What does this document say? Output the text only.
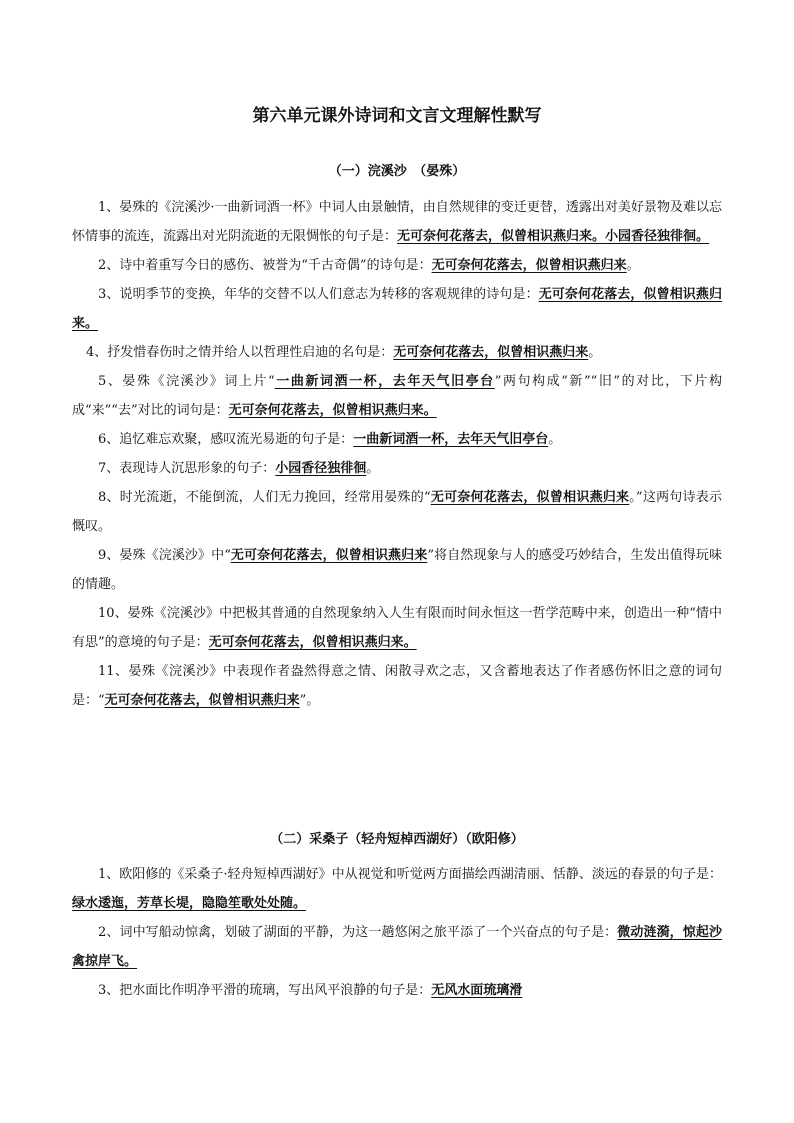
第六单元课外诗词和文言文理解性默写
（一）浣溪沙　（晏殊）

1、晏殊的《浣溪沙·一曲新词酒一杯》中词人由景触情，由自然规律的变迁更替，透露出对美好景物及难以忘怀情事的流连，流露出对光阴流逝的无限惆怅的句子是：无可奈何花落去，似曾相识燕归来。小园香径独徘徊。

2、诗中着重写今日的感伤、被誉为“千古奇偶”的诗句是：无可奈何花落去，似曾相识燕归来。

3、说明季节的变换，年华的交替不以人们意志为转移的客观规律的诗句是：无可奈何花落去，似曾相识燕归来。

4、抒发惜春伤时之情并给人以哲理性启迪的名句是：无可奈何花落去，似曾相识燕归来。

5、晏殊《浣溪沙》词上片“一曲新词酒一杯，去年天气旧亭台”两句构成“新”“旧”的对比，下片构成“来”“去”对比的词句是：无可奈何花落去，似曾相识燕归来。

6、追忆难忘欢聚，感叹流光易逝的句子是：一曲新词酒一杯，去年天气旧亭台。

7、表现诗人沉思形象的句子：小园香径独徘徊。

8、时光流逝，不能倒流，人们无力挽回，经常用晏殊的“无可奈何花落去，似曾相识燕归来。”这两句诗表示慨叹。

9、晏殊《浣溪沙》中“无可奈何花落去，似曾相识燕归来”将自然现象与人的感受巧妙结合，生发出值得玩味的情趣。

10、晏殊《浣溪沙》中把极其普通的自然现象纳入人生有限而时间永恒这一哲学范畴中来，创造出一种“情中有思”的意境的句子是：无可奈何花落去，似曾相识燕归来。

11、晏殊《浣溪沙》中表现作者盎然得意之情、闲散寻欢之志，又含蓄地表达了作者感伤怀旧之意的词句是：“无可奈何花落去，似曾相识燕归来”。

（二）采桑子（轻舟短棹西湖好）（欧阳修）

1、欧阳修的《采桑子·轻舟短棹西湖好》中从视觉和听觉两方面描绘西湖清丽、恬静、淡远的春景的句子是：绿水逶迤，芳草长堤，隐隐笙歌处处随。

2、词中写船动惊禽，划破了湖面的平静，为这一趟悠闲之旅平添了一个兴奋点的句子是：微动涟漪，惊起沙禽掠岸飞。

3、把水面比作明净平滑的琉璃，写出风平浪静的句子是：无风水面琉璃滑
